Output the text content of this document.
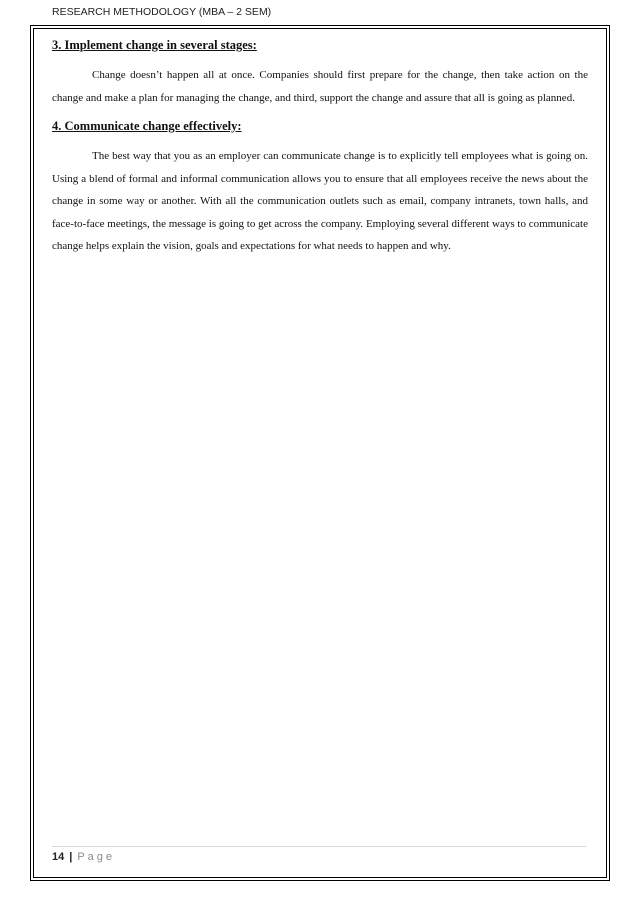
RESEARCH METHODOLOGY (MBA – 2 SEM)
3. Implement change in several stages:

Change doesn’t happen all at once. Companies should first prepare for the change, then take action on the change and make a plan for managing the change, and third, support the change and assure that all is going as planned.

4. Communicate change effectively:

The best way that you as an employer can communicate change is to explicitly tell employees what is going on. Using a blend of formal and informal communication allows you to ensure that all employees receive the news about the change in some way or another. With all the communication outlets such as email, company intranets, town halls, and face-to-face meetings, the message is going to get across the company. Employing several different ways to communicate change helps explain the vision, goals and expectations for what needs to happen and why.

14 | Page
